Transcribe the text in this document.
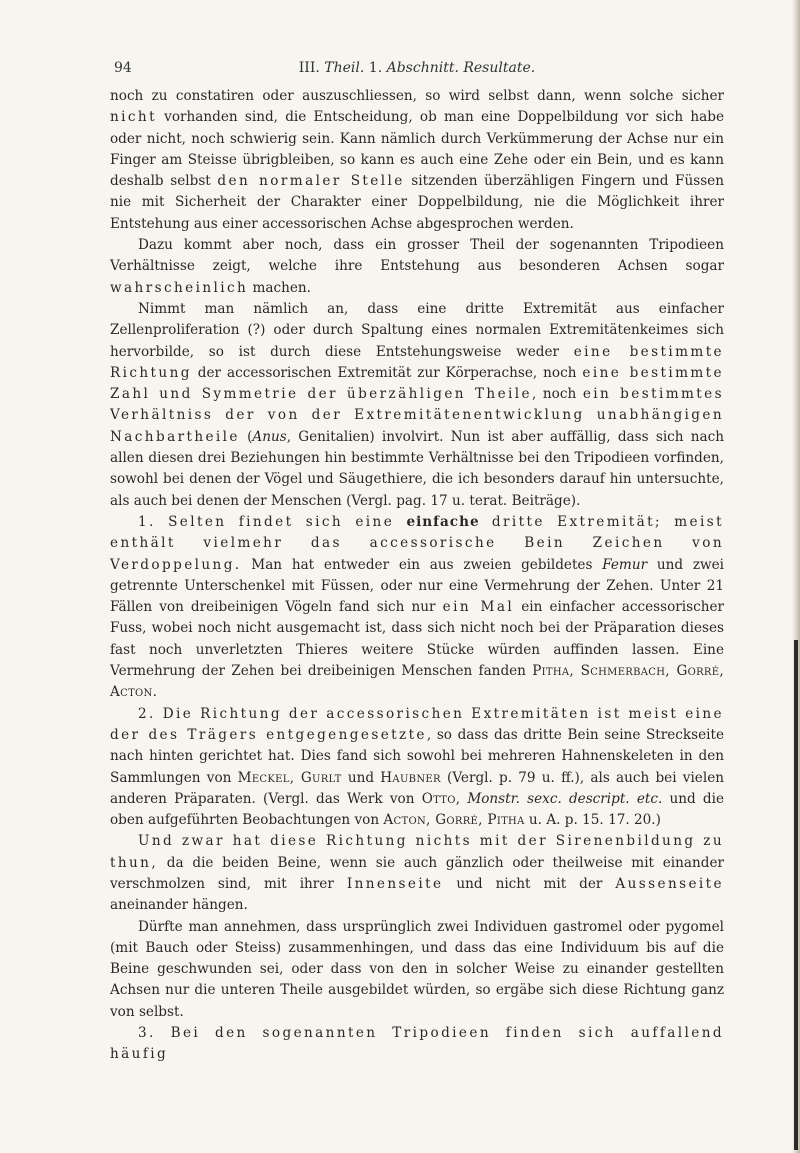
94	III. Theil. 1. Abschnitt. Resultate.

noch zu constatiren oder auszuschliessen, so wird selbst dann, wenn solche sicher nicht vorhanden sind, die Entscheidung, ob man eine Doppelbildung vor sich habe oder nicht, noch schwierig sein. Kann nämlich durch Verkümmerung der Achse nur ein Finger am Steisse übrigbleiben, so kann es auch eine Zehe oder ein Bein, und es kann deshalb selbst den normaler Stelle sitzenden überzähligen Fingern und Füssen nie mit Sicherheit der Charakter einer Doppelbildung, nie die Möglichkeit ihrer Entstehung aus einer accessorischen Achse abgesprochen werden.

Dazu kommt aber noch, dass ein grosser Theil der sogenannten Tripodieen Verhältnisse zeigt, welche ihre Entstehung aus besonderen Achsen sogar wahrscheinlich machen.

Nimmt man nämlich an, dass eine dritte Extremität aus einfacher Zellenproliferation (?) oder durch Spaltung eines normalen Extremitätenkeimes sich hervorbilde, so ist durch diese Entstehungsweise weder eine bestimmte Richtung der accessorischen Extremität zur Körperachse, noch eine bestimmte Zahl und Symmetrie der überzähligen Theile, noch ein bestimmtes Verhältniss der von der Extremitätenentwicklung unabhängigen Nachbartheile (Anus, Genitalien) involvirt. Nun ist aber auffällig, dass sich nach allen diesen drei Beziehungen hin bestimmte Verhältnisse bei den Tripodieen vorfinden, sowohl bei denen der Vögel und Säugethiere, die ich besonders darauf hin untersuchte, als auch bei denen der Menschen (Vergl. pag. 17 u. terat. Beiträge).

1. Selten findet sich eine einfache dritte Extremität; meist enthält vielmehr das accessorische Bein Zeichen von Verdoppelung. Man hat entweder ein aus zweien gebildetes Femur und zwei getrennte Unterschenkel mit Füssen, oder nur eine Vermehrung der Zehen. Unter 21 Fällen von dreibeinigen Vögeln fand sich nur ein Mal ein einfacher accessorischer Fuss, wobei noch nicht ausgemacht ist, dass sich nicht noch bei der Präparation dieses fast noch unverletzten Thieres weitere Stücke würden auffinden lassen. Eine Vermehrung der Zehen bei dreibeinigen Menschen fanden Pitha, Schmerbach, Gorré, Acton.

2. Die Richtung der accessorischen Extremitäten ist meist eine der des Trägers entgegengesetzte, so dass das dritte Bein seine Streckseite nach hinten gerichtet hat. Dies fand sich sowohl bei mehreren Hahnenskeleten in den Sammlungen von Meckel, Gurlt und Haubner (Vergl. p. 79 u. ff.), als auch bei vielen anderen Präparaten. (Vergl. das Werk von Otto, Monstr. sexc. descript. etc. und die oben aufgeführten Beobachtungen von Acton, Gorré, Pitha u. A. p. 15. 17. 20.)

Und zwar hat diese Richtung nichts mit der Sirenenbildung zu thun, da die beiden Beine, wenn sie auch gänzlich oder theilweise mit einander verschmolzen sind, mit ihrer Innenseite und nicht mit der Aussenseite aneinander hängen.

Dürfte man annehmen, dass ursprünglich zwei Individuen gastromel oder pygomel (mit Bauch oder Steiss) zusammenhingen, und dass das eine Individuum bis auf die Beine geschwunden sei, oder dass von den in solcher Weise zu einander gestellten Achsen nur die unteren Theile ausgebildet würden, so ergäbe sich diese Richtung ganz von selbst.

3. Bei den sogenannten Tripodieen finden sich auffallend häufig
